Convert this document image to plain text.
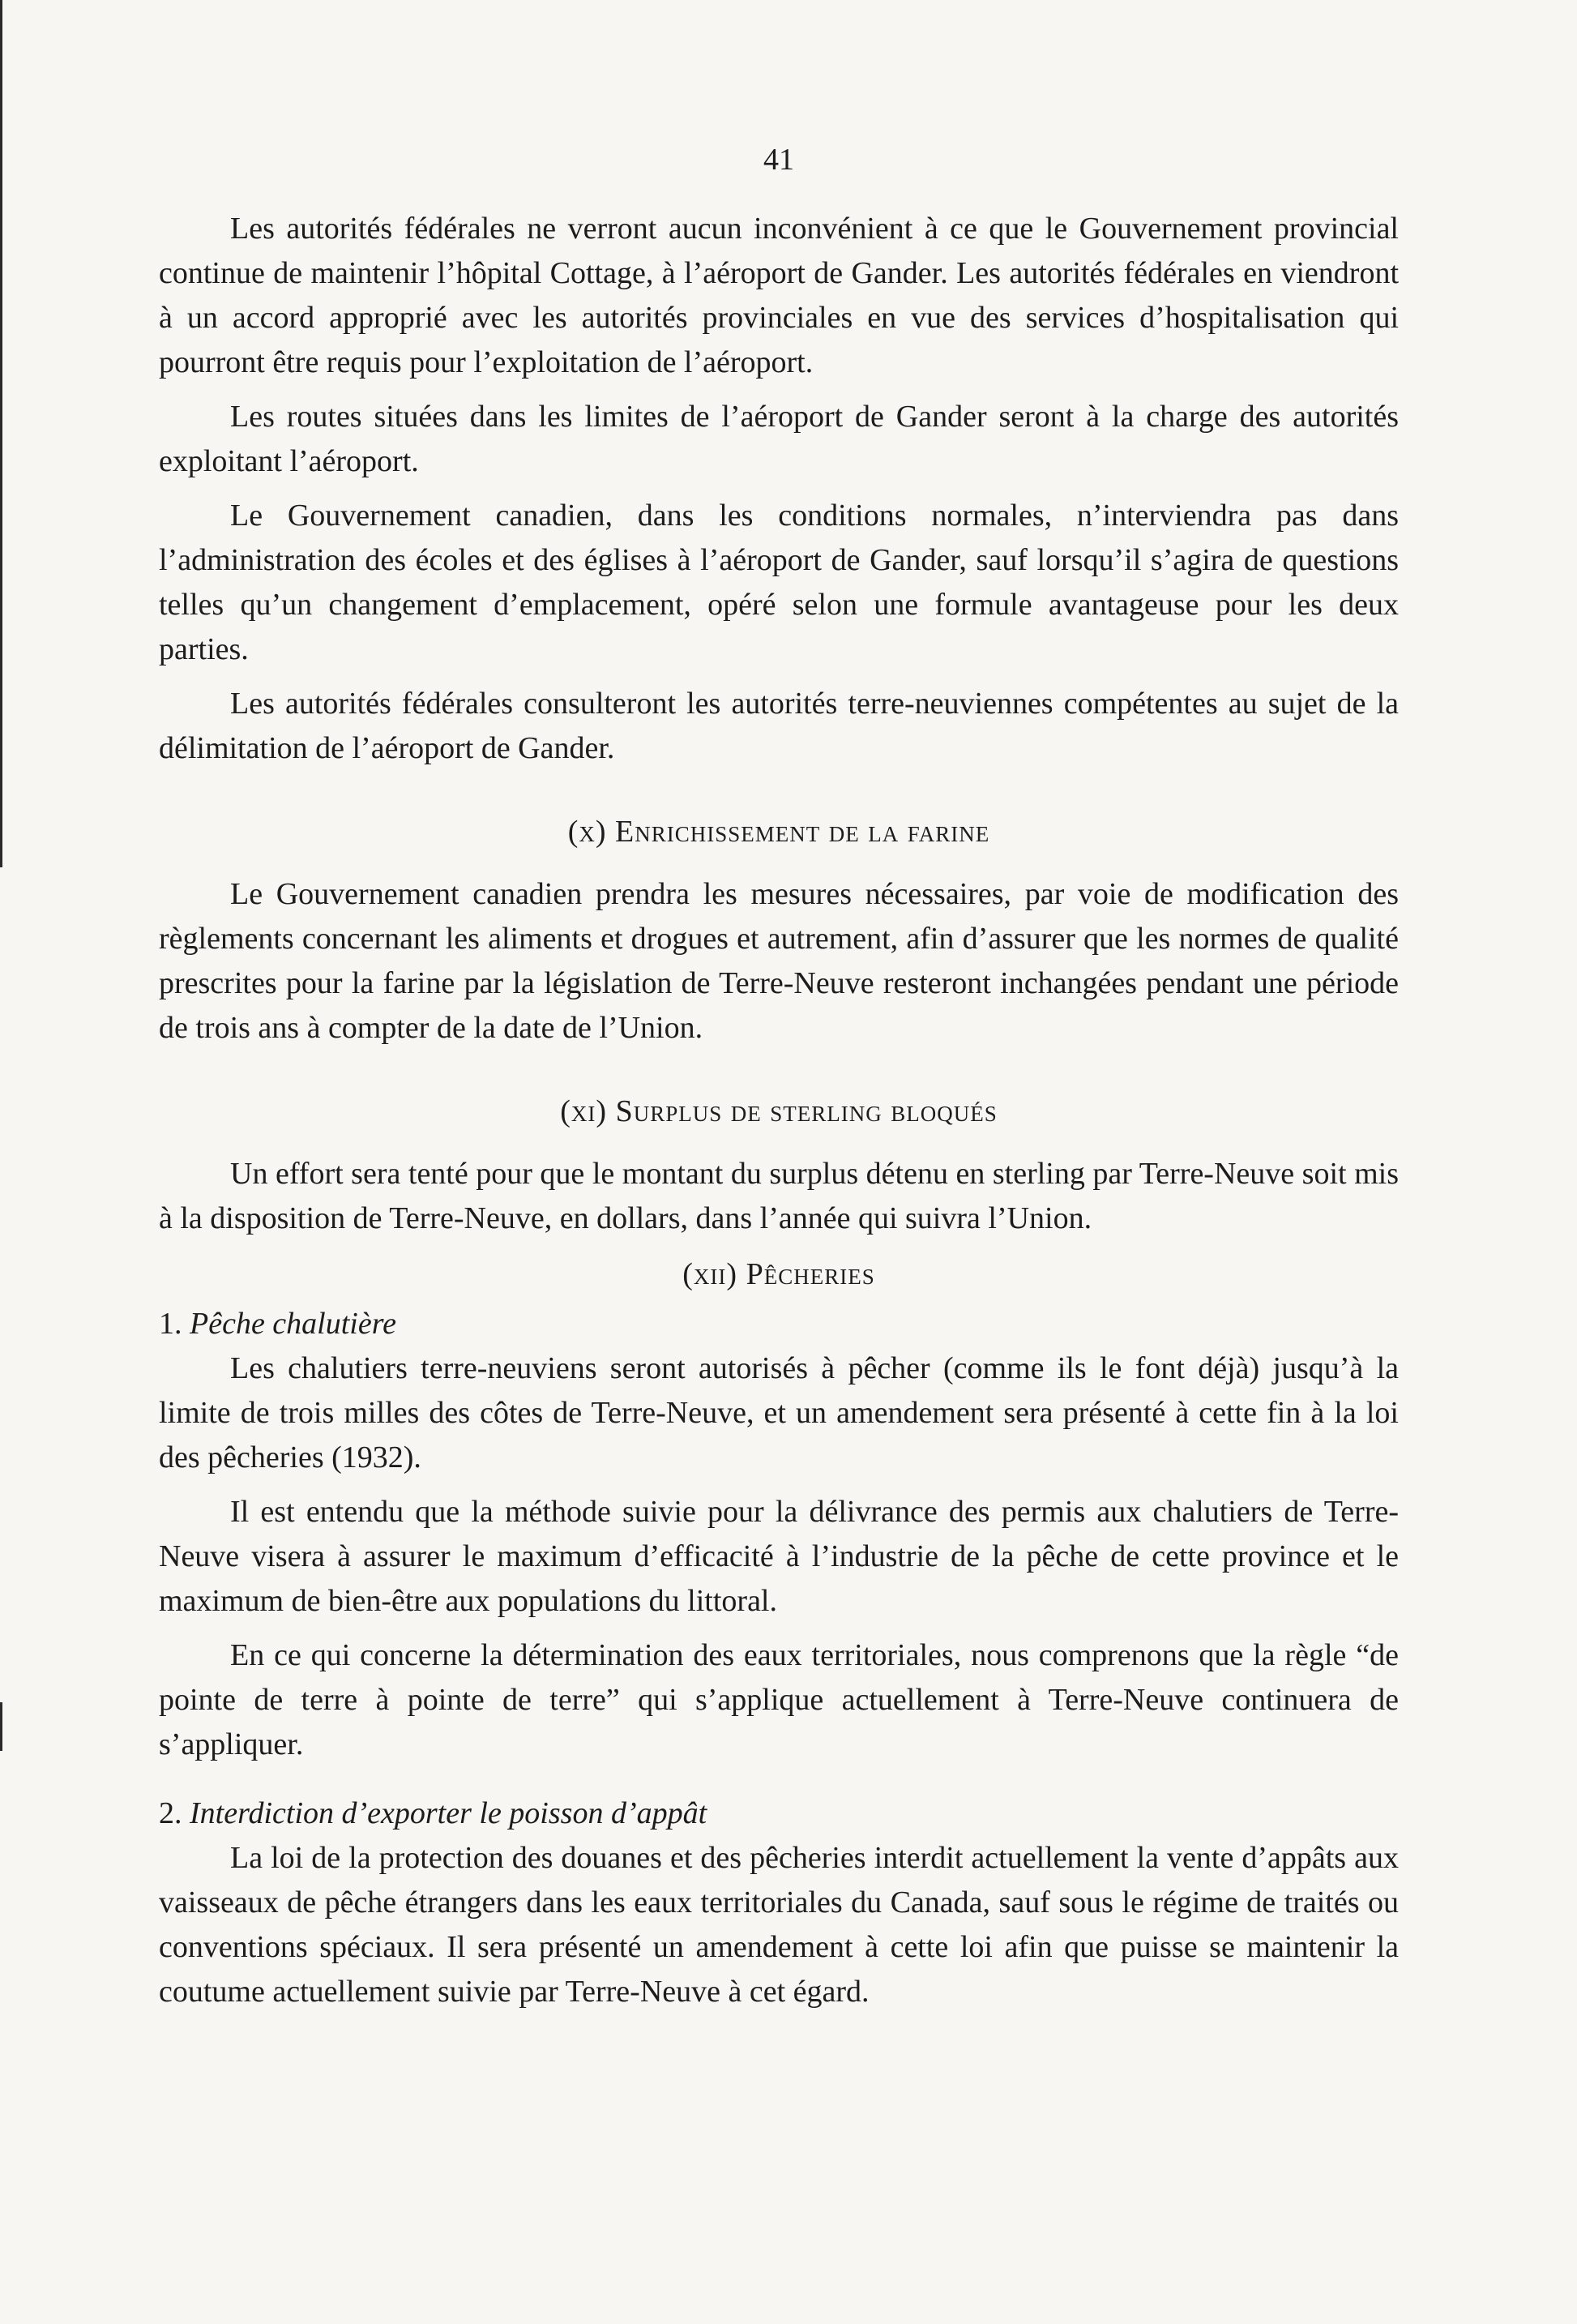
41

Les autorités fédérales ne verront aucun inconvénient à ce que le Gouvernement provincial continue de maintenir l’hôpital Cottage, à l’aéroport de Gander. Les autorités fédérales en viendront à un accord approprié avec les autorités provinciales en vue des services d’hospitalisation qui pourront être requis pour l’exploitation de l’aéroport.

Les routes situées dans les limites de l’aéroport de Gander seront à la charge des autorités exploitant l’aéroport.

Le Gouvernement canadien, dans les conditions normales, n’interviendra pas dans l’administration des écoles et des églises à l’aéroport de Gander, sauf lorsqu’il s’agira de questions telles qu’un changement d’emplacement, opéré selon une formule avantageuse pour les deux parties.

Les autorités fédérales consulteront les autorités terre-neuviennes compétentes au sujet de la délimitation de l’aéroport de Gander.

(x) Enrichissement de la farine

Le Gouvernement canadien prendra les mesures nécessaires, par voie de modification des règlements concernant les aliments et drogues et autrement, afin d’assurer que les normes de qualité prescrites pour la farine par la législation de Terre-Neuve resteront inchangées pendant une période de trois ans à compter de la date de l’Union.

(xi) Surplus de sterling bloqués

Un effort sera tenté pour que le montant du surplus détenu en sterling par Terre-Neuve soit mis à la disposition de Terre-Neuve, en dollars, dans l’année qui suivra l’Union.

(xii) Pêcheries
1. Pêche chalutière

Les chalutiers terre-neuviens seront autorisés à pêcher (comme ils le font déjà) jusqu’à la limite de trois milles des côtes de Terre-Neuve, et un amendement sera présenté à cette fin à la loi des pêcheries (1932).

Il est entendu que la méthode suivie pour la délivrance des permis aux chalutiers de Terre-Neuve visera à assurer le maximum d’efficacité à l’industrie de la pêche de cette province et le maximum de bien-être aux populations du littoral.

En ce qui concerne la détermination des eaux territoriales, nous comprenons que la règle “de pointe de terre à pointe de terre” qui s’applique actuellement à Terre-Neuve continuera de s’appliquer.

2. Interdiction d’exporter le poisson d’appât

La loi de la protection des douanes et des pêcheries interdit actuellement la vente d’appâts aux vaisseaux de pêche étrangers dans les eaux territoriales du Canada, sauf sous le régime de traités ou conventions spéciaux. Il sera présenté un amendement à cette loi afin que puisse se maintenir la coutume actuellement suivie par Terre-Neuve à cet égard.
